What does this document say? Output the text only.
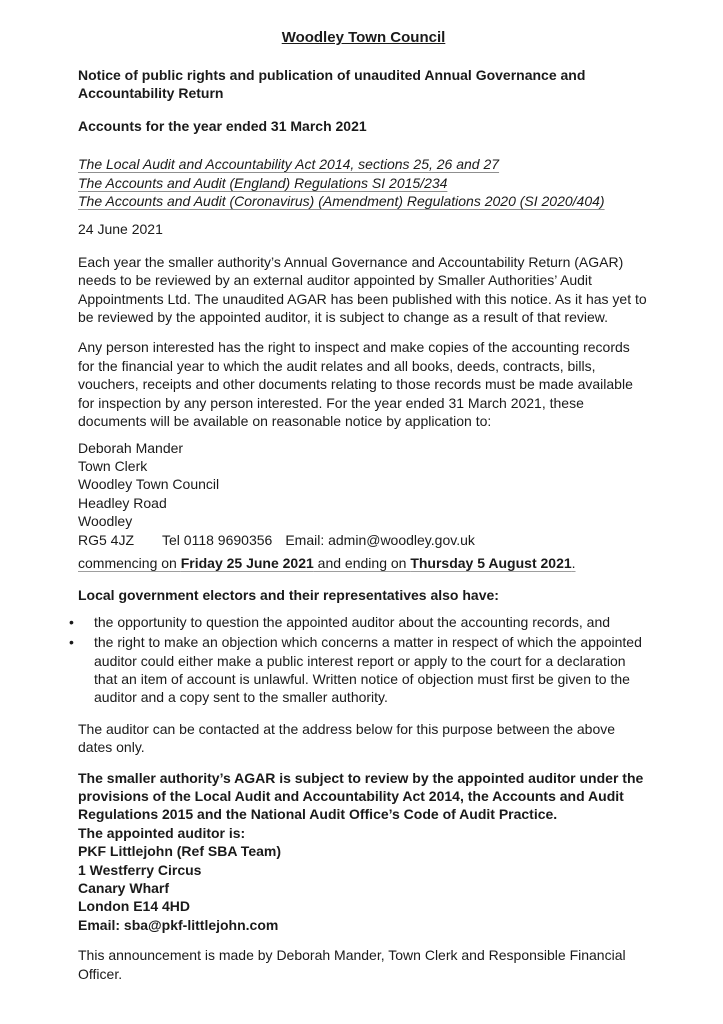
Woodley Town Council

Notice of public rights and publication of unaudited Annual Governance and Accountability Return

Accounts for the year ended 31 March 2021

The Local Audit and Accountability Act 2014, sections 25, 26 and 27

The Accounts and Audit (England) Regulations SI 2015/234

The Accounts and Audit (Coronavirus) (Amendment) Regulations 2020 (SI 2020/404)

24 June 2021

Each year the smaller authority’s Annual Governance and Accountability Return (AGAR) needs to be reviewed by an external auditor appointed by Smaller Authorities’ Audit Appointments Ltd. The unaudited AGAR has been published with this notice. As it has yet to be reviewed by the appointed auditor, it is subject to change as a result of that review.

Any person interested has the right to inspect and make copies of the accounting records for the financial year to which the audit relates and all books, deeds, contracts, bills, vouchers, receipts and other documents relating to those records must be made available for inspection by any person interested. For the year ended 31 March 2021, these documents will be available on reasonable notice by application to:

Deborah Mander
Town Clerk
Woodley Town Council
Headley Road
Woodley
RG5 4JZ Tel 0118 9690356 Email: admin@woodley.gov.uk

commencing on Friday 25 June 2021 and ending on Thursday 5 August 2021.

Local government electors and their representatives also have:

• the opportunity to question the appointed auditor about the accounting records, and
• the right to make an objection which concerns a matter in respect of which the appointed auditor could either make a public interest report or apply to the court for a declaration that an item of account is unlawful. Written notice of objection must first be given to the auditor and a copy sent to the smaller authority.

The auditor can be contacted at the address below for this purpose between the above dates only.

The smaller authority’s AGAR is subject to review by the appointed auditor under the provisions of the Local Audit and Accountability Act 2014, the Accounts and Audit Regulations 2015 and the National Audit Office’s Code of Audit Practice.

The appointed auditor is:

PKF Littlejohn (Ref SBA Team)
1 Westferry Circus
Canary Wharf
London E14 4HD
Email: sba@pkf-littlejohn.com

This announcement is made by Deborah Mander, Town Clerk and Responsible Financial Officer.
